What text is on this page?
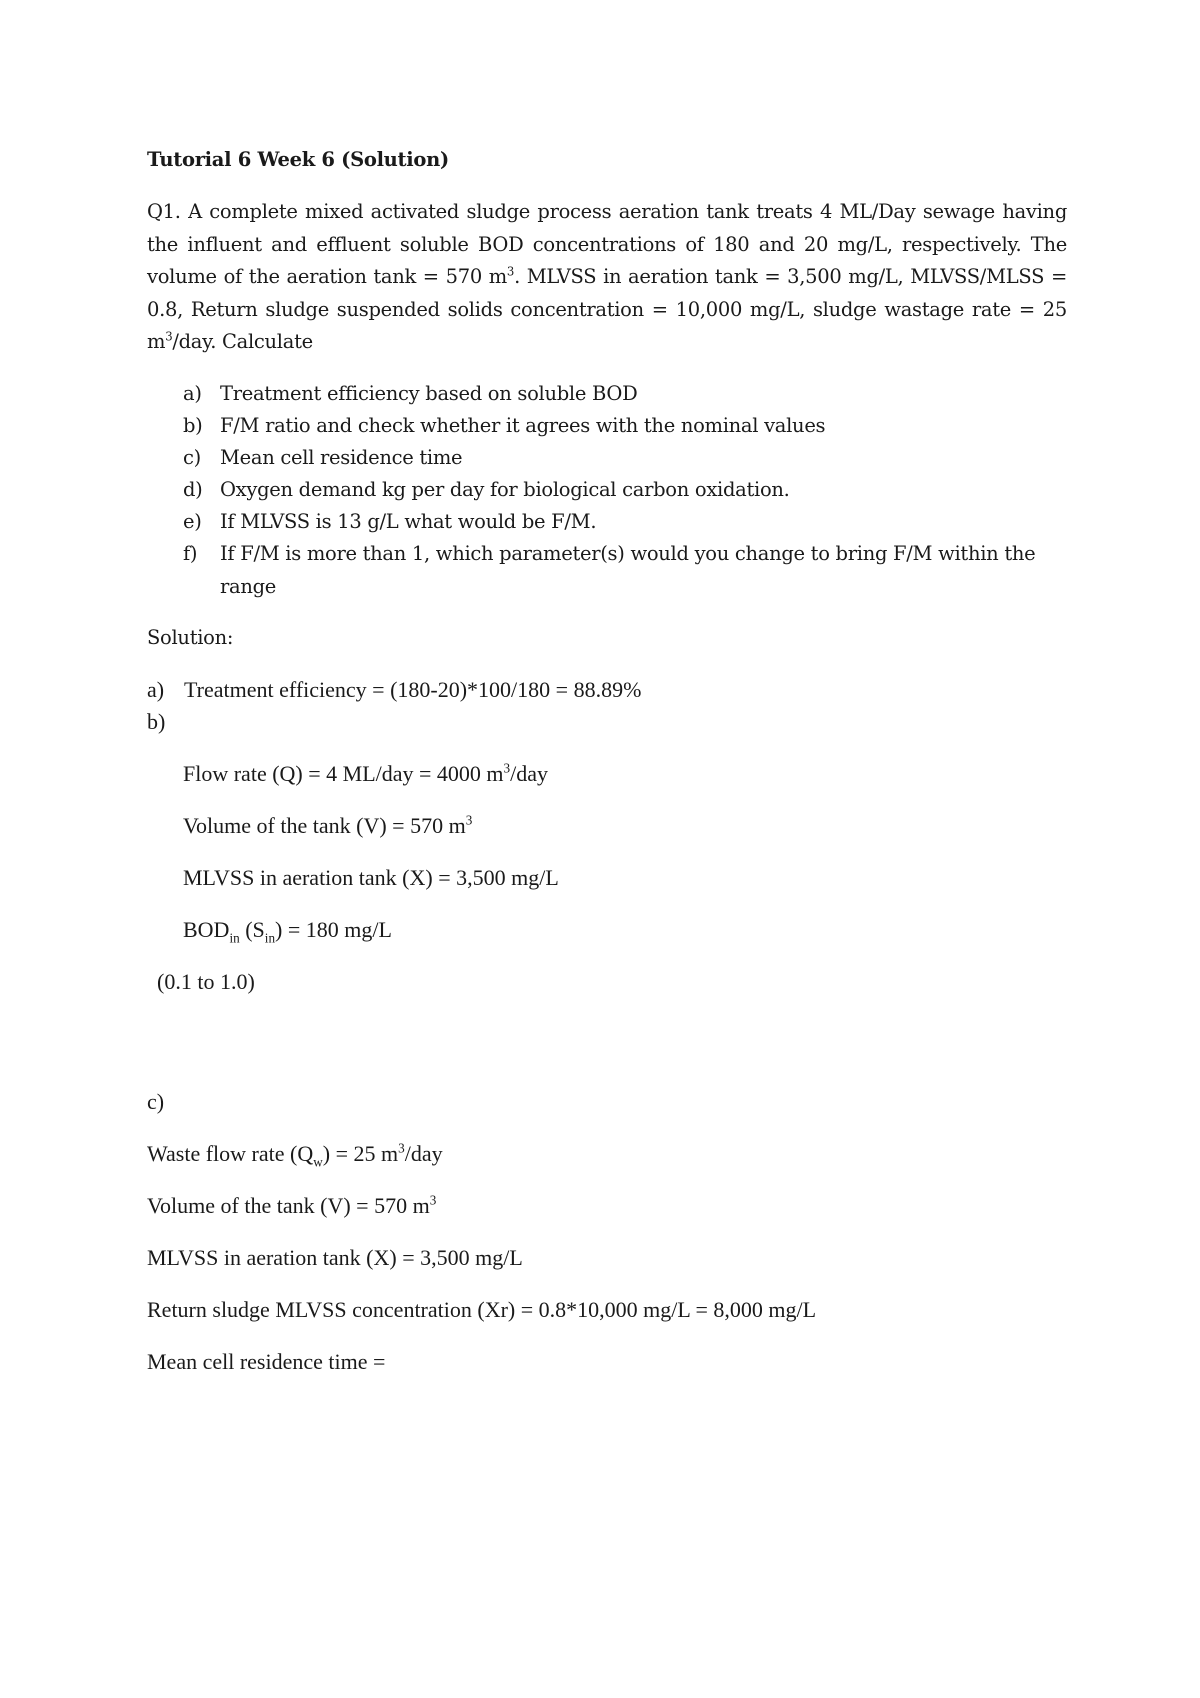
Tutorial 6 Week 6 (Solution)
Q1. A complete mixed activated sludge process aeration tank treats 4 ML/Day sewage having the influent and effluent soluble BOD concentrations of 180 and 20 mg/L, respectively. The volume of the aeration tank = 570 $m^3$. MLVSS in aeration tank = 3,500 mg/L, MLVSS/MLSS = 0.8, Return sludge suspended solids concentration = 10,000 mg/L, sludge wastage rate = 25 $m^3$/day. Calculate
a) Treatment efficiency based on soluble BOD
b) F/M ratio and check whether it agrees with the nominal values
c) Mean cell residence time
d) Oxygen demand kg per day for biological carbon oxidation.
e) If MLVSS is 13 g/L what would be F/M.
f) If F/M is more than 1, which parameter(s) would you change to bring F/M within the range
Solution:
a) Treatment efficiency = (180-20)*100/180 = 88.89%
b)
Flow rate (Q) = 4 ML/day = 4000 $m^3$/day
Volume of the tank (V) = 570 $m^3$
MLVSS in aeration tank (X) = 3,500 mg/L
$BOD_{in}$ $(S_{in}) = 180$ mg/L
(0.1 to 1.0)
c)
Waste flow rate $(Q_w) = 25$ $m^3$/day
Volume of the tank (V) = 570 $m^3$
MLVSS in aeration tank (X) = 3,500 mg/L
Return sludge MLVSS concentration (Xr) = 0.8*10,000 mg/L = 8,000 mg/L
Mean cell residence time =
